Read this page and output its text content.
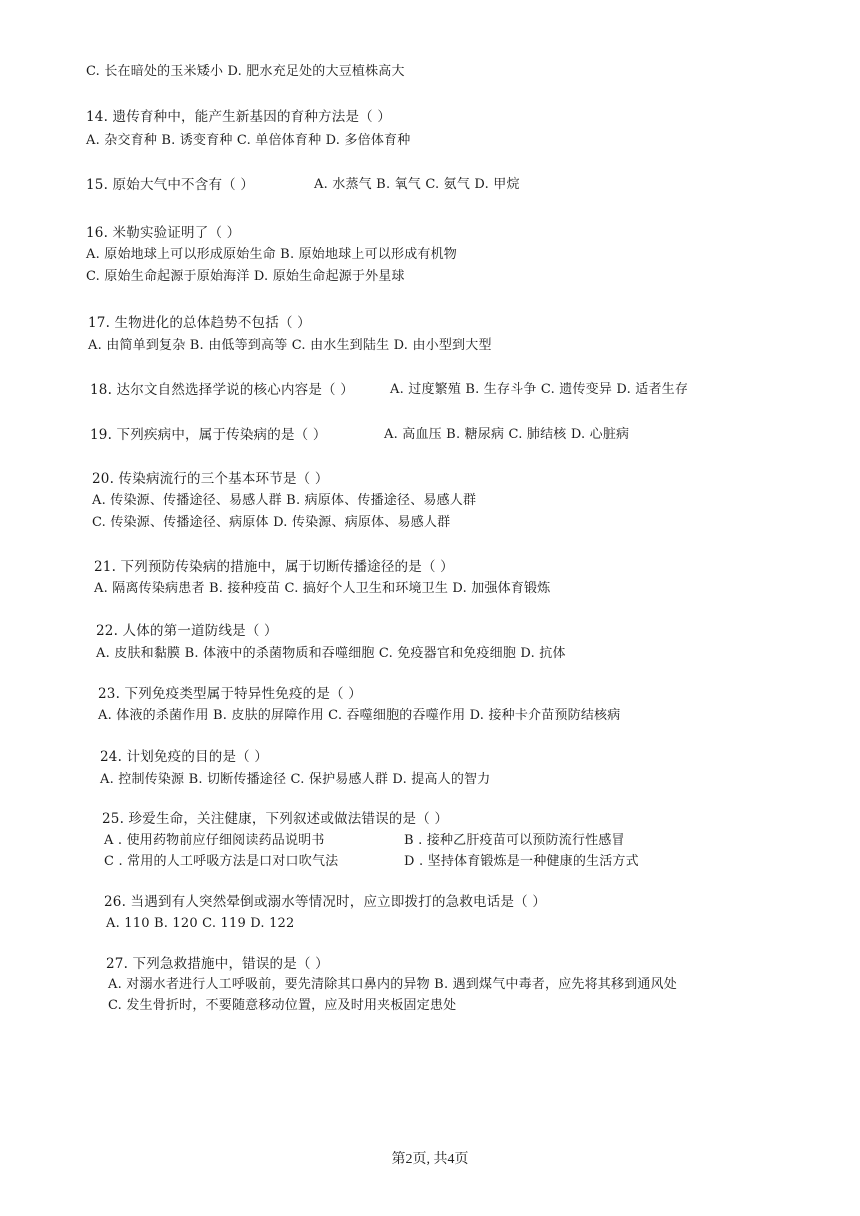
C. 长在暗处的玉米矮小 D. 肥水充足处的大豆植株高大
14. 遗传育种中，能产生新基因的育种方法是（ ）
A. 杂交育种 B. 诱变育种 C. 单倍体育种 D. 多倍体育种
15. 原始大气中不含有（ ）	A. 水蒸气 B. 氧气 C. 氨气 D. 甲烷
16. 米勒实验证明了（ ）
A. 原始地球上可以形成原始生命 B. 原始地球上可以形成有机物
C. 原始生命起源于原始海洋 D. 原始生命起源于外星球
17. 生物进化的总体趋势不包括（ ）
A. 由简单到复杂 B. 由低等到高等 C. 由水生到陆生 D. 由小型到大型
18. 达尔文自然选择学说的核心内容是（ ）	A. 过度繁殖 B. 生存斗争 C. 遗传变异 D. 适者生存
19. 下列疾病中，属于传染病的是（ ）	A. 高血压 B. 糖尿病 C. 肺结核 D. 心脏病
20. 传染病流行的三个基本环节是（ ）
A. 传染源、传播途径、易感人群 B. 病原体、传播途径、易感人群
C. 传染源、传播途径、病原体 D. 传染源、病原体、易感人群
21. 下列预防传染病的措施中，属于切断传播途径的是（ ）
A. 隔离传染病患者 B. 接种疫苗 C. 搞好个人卫生和环境卫生 D. 加强体育锻炼
22. 人体的第一道防线是（ ）
A. 皮肤和黏膜 B. 体液中的杀菌物质和吞噬细胞 C. 免疫器官和免疫细胞 D. 抗体
23. 下列免疫类型属于特异性免疫的是（ ）
A. 体液的杀菌作用 B. 皮肤的屏障作用 C. 吞噬细胞的吞噬作用 D. 接种卡介苗预防结核病
24. 计划免疫的目的是（ ）
A. 控制传染源 B. 切断传播途径 C. 保护易感人群 D. 提高人的智力
25. 珍爱生命，关注健康，下列叙述或做法错误的是（ ）
A . 使用药物前应仔细阅读药品说明书	B . 接种乙肝疫苗可以预防流行性感冒
C . 常用的人工呼吸方法是口对口吹气法	D . 坚持体育锻炼是一种健康的生活方式
26. 当遇到有人突然晕倒或溺水等情况时，应立即拨打的急救电话是（ ）
A. 110 B. 120 C. 119 D. 122
27. 下列急救措施中，错误的是（ ）
A. 对溺水者进行人工呼吸前，要先清除其口鼻内的异物 B. 遇到煤气中毒者，应先将其移到通风处
C. 发生骨折时，不要随意移动位置，应及时用夹板固定患处
第2页, 共4页
